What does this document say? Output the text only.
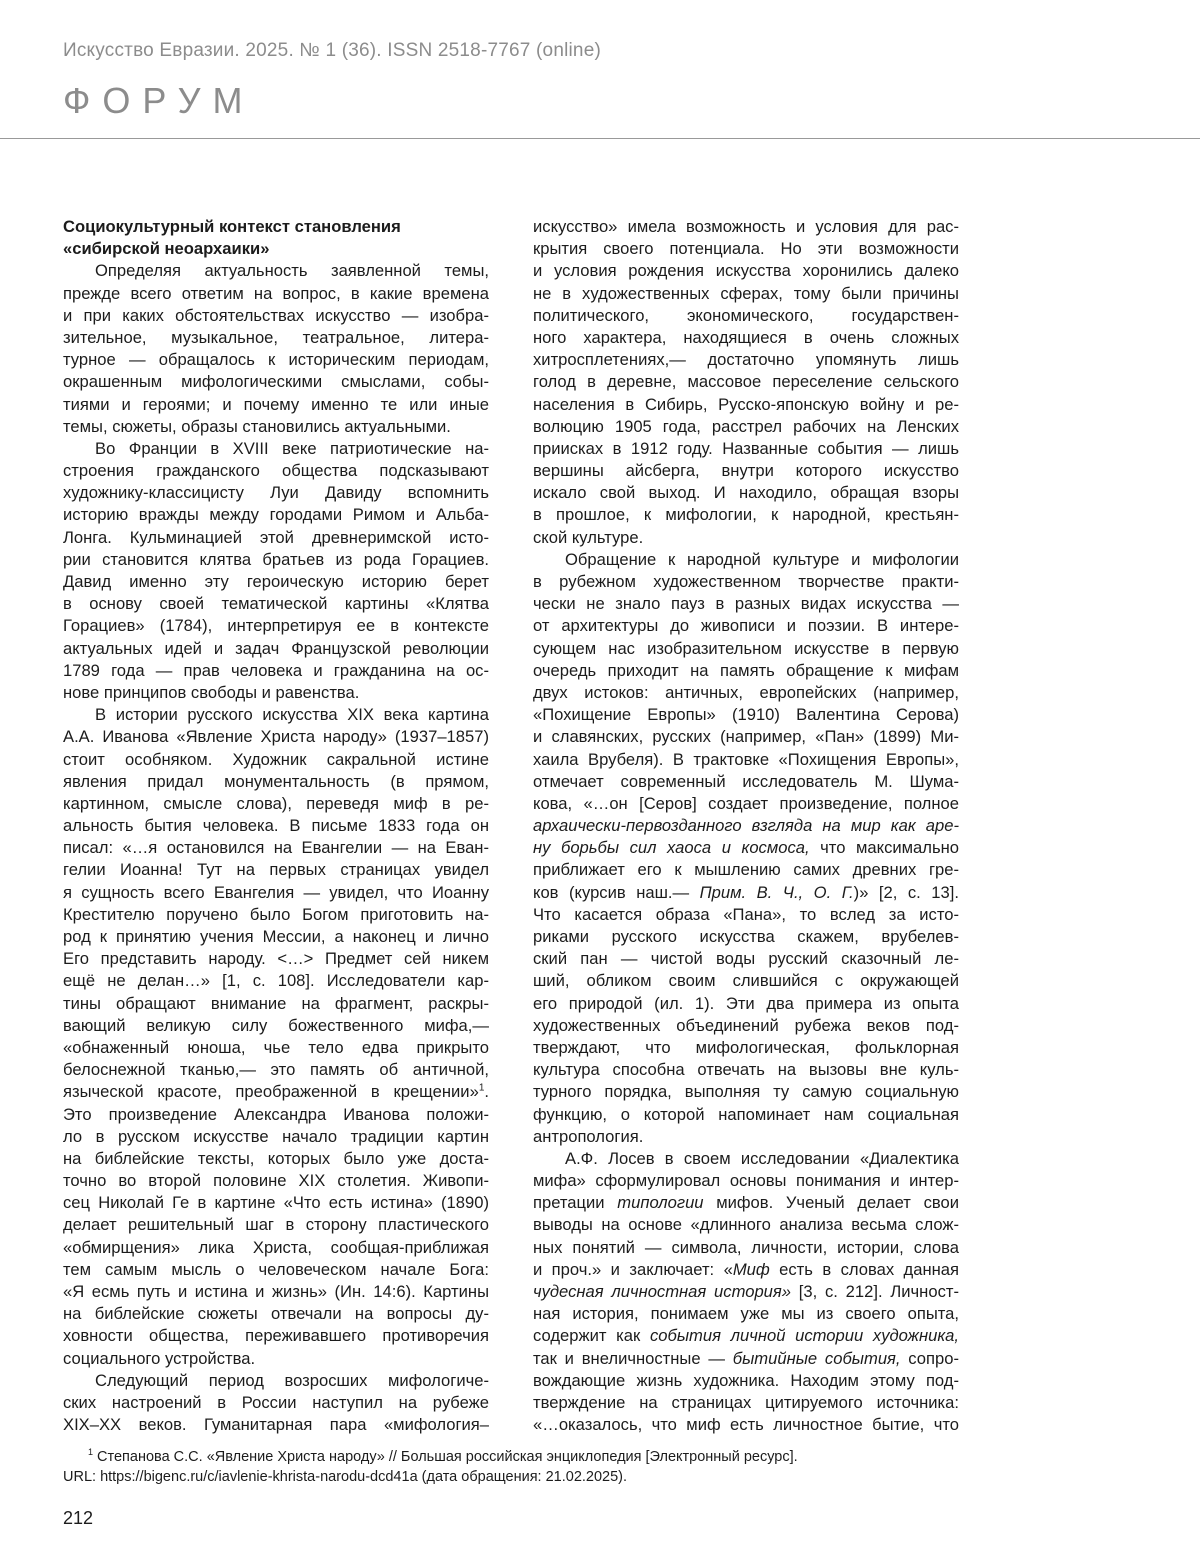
Искусство Евразии. 2025. № 1 (36). ISSN 2518-7767 (online)
ФОРУМ
Социокультурный контекст становления
«сибирской неоархаики»
Определяя актуальность заявленной темы,
прежде всего ответим на вопрос, в какие времена
и при каких обстоятельствах искусство — изобра-
зительное, музыкальное, театральное, литера-
турное — обращалось к историческим периодам,
окрашенным мифологическими смыслами, собы-
тиями и героями; и почему именно те или иные
темы, сюжеты, образы становились актуальными.
Во Франции в XVIII веке патриотические на-
строения гражданского общества подсказывают
художнику-классицисту Луи Давиду вспомнить
историю вражды между городами Римом и Альба-
Лонга. Кульминацией этой древнеримской исто-
рии становится клятва братьев из рода Горациев.
Давид именно эту героическую историю берет
в основу своей тематической картины «Клятва
Горациев» (1784), интерпретируя ее в контексте
актуальных идей и задач Французской революции
1789 года — прав человека и гражданина на ос-
нове принципов свободы и равенства.
В истории русского искусства XIX века картина
А.А. Иванова «Явление Христа народу» (1937–1857)
стоит особняком. Художник сакральной истине
явления придал монументальность (в прямом,
картинном, смысле слова), переведя миф в ре-
альность бытия человека. В письме 1833 года он
писал: «…я остановился на Евангелии — на Еван-
гелии Иоанна! Тут на первых страницах увидел
я сущность всего Евангелия — увидел, что Иоанну
Крестителю поручено было Богом приготовить на-
род к принятию учения Мессии, а наконец и лично
Его представить народу. <…> Предмет сей никем
ещё не делан…» [1, с. 108]. Исследователи кар-
тины обращают внимание на фрагмент, раскры-
вающий великую силу божественного мифа,—
«обнаженный юноша, чье тело едва прикрыто
белоснежной тканью,— это память об античной,
языческой красоте, преображенной в крещении»$^1$.
Это произведение Александра Иванова положи-
ло в русском искусстве начало традиции картин
на библейские тексты, которых было уже доста-
точно во второй половине XIX столетия. Живопи-
сец Николай Ге в картине «Что есть истина» (1890)
делает решительный шаг в сторону пластического
«обмирщения» лика Христа, сообщая-приближая
тем самым мысль о человеческом начале Бога:
«Я есмь путь и истина и жизнь» (Ин. 14:6). Картины
на библейские сюжеты отвечали на вопросы ду-
ховности общества, переживавшего противоречия
социального устройства.
Следующий период возросших мифологиче-
ских настроений в России наступил на рубеже
XIX–XX веков. Гуманитарная пара «мифология–
искусство» имела возможность и условия для рас-
крытия своего потенциала. Но эти возможности
и условия рождения искусства хоронились далеко
не в художественных сферах, тому были причины
политического, экономического, государствен-
ного характера, находящиеся в очень сложных
хитросплетениях,— достаточно упомянуть лишь
голод в деревне, массовое переселение сельского
населения в Сибирь, Русско-японскую войну и ре-
волюцию 1905 года, расстрел рабочих на Ленских
приисках в 1912 году. Названные события — лишь
вершины айсберга, внутри которого искусство
искало свой выход. И находило, обращая взоры
в прошлое, к мифологии, к народной, крестьян-
ской культуре.
Обращение к народной культуре и мифологии
в рубежном художественном творчестве практи-
чески не знало пауз в разных видах искусства —
от архитектуры до живописи и поэзии. В интере-
сующем нас изобразительном искусстве в первую
очередь приходит на память обращение к мифам
двух истоков: античных, европейских (например,
«Похищение Европы» (1910) Валентина Серова)
и славянских, русских (например, «Пан» (1899) Ми-
хаила Врубеля). В трактовке «Похищения Европы»,
отмечает современный исследователь М. Шума-
кова, «…он [Серов] создает произведение, полное
архаически-первозданного взгляда на мир как аре-
ну борьбы сил хаоса и космоса, что максимально
приближает его к мышлению самих древних гре-
ков (курсив наш.— Прим. В. Ч., О. Г.)» [2, с. 13].
Что касается образа «Пана», то вслед за исто-
риками русского искусства скажем, врубелев-
ский пан — чистой воды русский сказочный ле-
ший, обликом своим слившийся с окружающей
его природой (ил. 1). Эти два примера из опыта
художественных объединений рубежа веков под-
тверждают, что мифологическая, фольклорная
культура способна отвечать на вызовы вне куль-
турного порядка, выполняя ту самую социальную
функцию, о которой напоминает нам социальная
антропология.
А.Ф. Лосев в своем исследовании «Диалектика
мифа» сформулировал основы понимания и интер-
претации типологии мифов. Ученый делает свои
выводы на основе «длинного анализа весьма слож-
ных понятий — символа, личности, истории, слова
и проч.» и заключает: «Миф есть в словах данная
чудесная личностная история» [3, с. 212]. Личност-
ная история, понимаем уже мы из своего опыта,
содержит как события личной истории художника,
так и внеличностные — бытийные события, сопро-
вождающие жизнь художника. Находим этому под-
тверждение на страницах цитируемого источника:
«…оказалось, что миф есть личностное бытие, что
$^1$ Степанова С.С. «Явление Христа народу» // Большая российская энциклопедия [Электронный ресурс].
URL: https://bigenc.ru/c/iavlenie-khrista-narodu-dcd41a (дата обращения: 21.02.2025).
212
